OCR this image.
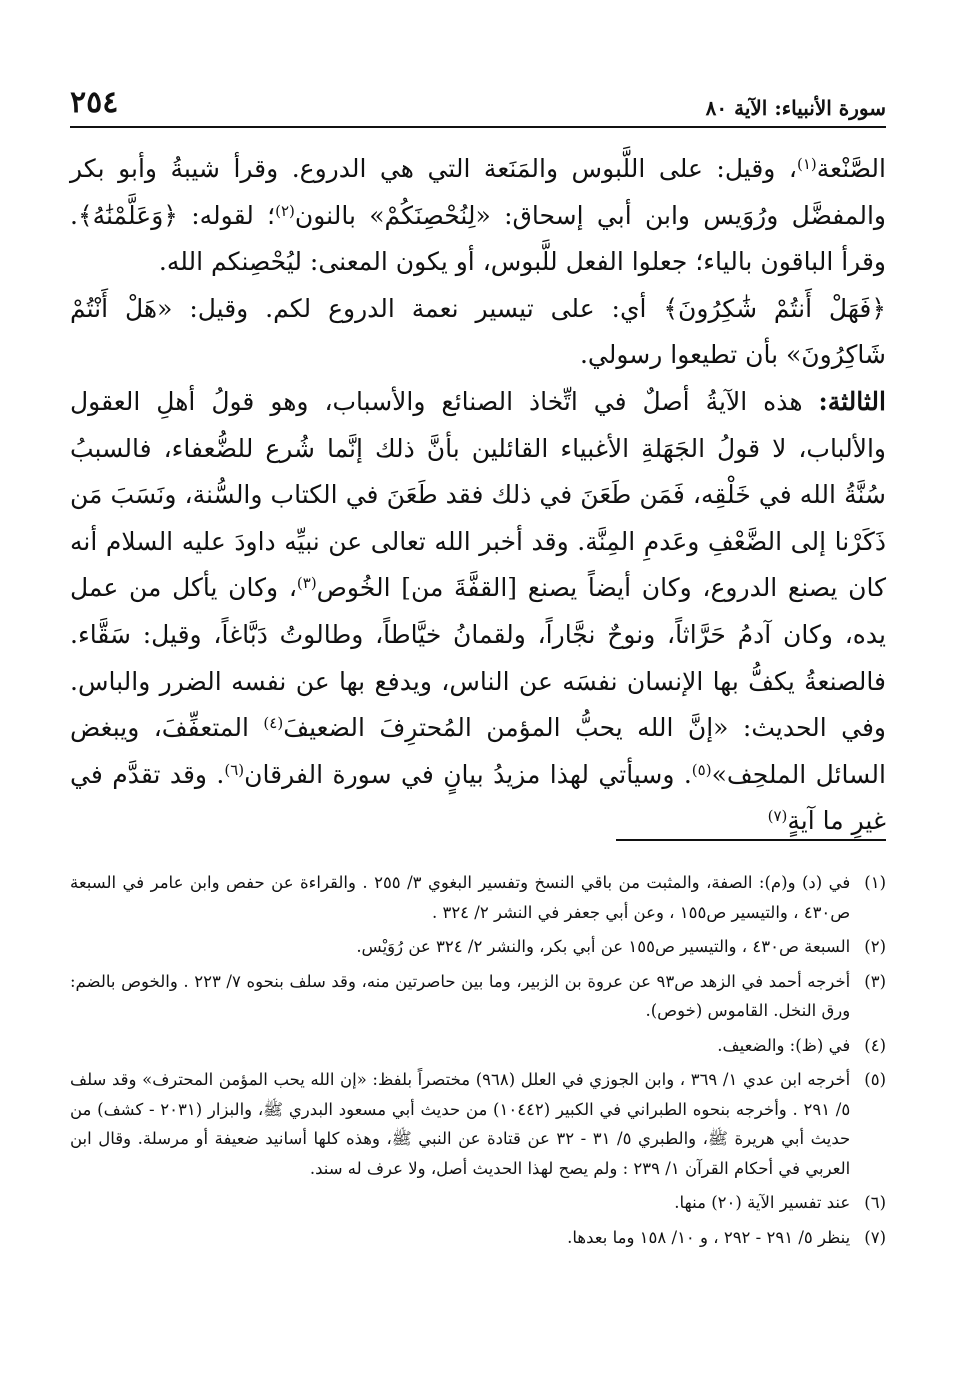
٢٥٤	سورة الأنبياء: الآية ٨٠

الصَّنْعة$^{(١)}$، وقيل: على اللَّبوس والمَنَعة التي هي الدروع. وقرأ شيبةُ وأبو بكر والمفضَّل ورُوَيس وابن أبي إسحاق: «لِنُحْصِنَكُمْ» بالنون$^{(٢)}$؛ لقوله: ﴿وَعَلَّمْنَٰهُ﴾. وقرأ الباقون بالياء؛ جعلوا الفعل للَّبوس، أو يكون المعنى: ليُحْصِنكم الله.

﴿فَهَلْ أَنتُمْ شَٰكِرُونَ﴾ أي: على تيسير نعمة الدروع لكم. وقيل: «هَلْ أَنْتُمْ شَاكِرُونَ» بأن تطيعوا رسولي.

الثالثة: هذه الآيةُ أصلٌ في اتِّخاذ الصنائع والأسباب، وهو قولُ أهلِ العقول والألباب، لا قولُ الجَهَلةِ الأغبياء القائلين بأنَّ ذلك إنَّما شُرع للضُّعفاء، فالسببُ سُنَّةُ الله في خَلْقِه، فَمَن طَعَنَ في ذلك فقد طَعَنَ في الكتاب والسُّنة، ونَسَبَ مَن ذَكَرْنا إلى الضَّعْفِ وعَدمِ المِنَّة. وقد أخبر الله تعالى عن نبيِّه داودَ عليه السلام أنه كان يصنع الدروع، وكان أيضاً يصنع [القفَّةَ من] الخُوص$^{(٣)}$، وكان يأكل من عمل يده، وكان آدمُ حَرَّاثاً، ونوحٌ نجَّاراً، ولقمانُ خيَّاطاً، وطالوتُ دَبَّاغاً، وقيل: سَقَّاء. فالصنعةُ يكفُّ بها الإنسان نفسَه عن الناس، ويدفع بها عن نفسه الضرر والباس. وفي الحديث: «إنَّ الله يحبُّ المؤمن المُحترِفَ الضعيفَ$^{(٤)}$ المتعفِّفَ، ويبغض السائل الملحِف»$^{(٥)}$. وسيأتي لهذا مزيدُ بيانٍ في سورة الفرقان$^{(٦)}$. وقد تقدَّم في غيرِ ما آيةٍ$^{(٧)}$

(١)
في (د) و(م): الصفة، والمثبت من باقي النسخ وتفسير البغوي ٣/ ٢٥٥ . والقراءة عن حفص وابن عامر في السبعة ص٤٣٠ ، والتيسير ص١٥٥ ، وعن أبي جعفر في النشر ٢/ ٣٢٤ .
(٢)
السبعة ص٤٣٠ ، والتيسير ص١٥٥ عن أبي بكر، والنشر ٢/ ٣٢٤ عن رُوَيْس.
(٣)
أخرجه أحمد في الزهد ص٩٣ عن عروة بن الزبير، وما بين حاصرتين منه، وقد سلف بنحوه ٧/ ٢٢٣ . والخوص بالضم: ورق النخل. القاموس (خوص).
(٤)
في (ظ): والضعيف.
(٥)
أخرجه ابن عدي ١/ ٣٦٩ ، وابن الجوزي في العلل (٩٦٨) مختصراً بلفظ: «إن الله يحب المؤمن المحترف» وقد سلف ٥/ ٢٩١ . وأخرجه بنحوه الطبراني في الكبير (١٠٤٤٢) من حديث أبي مسعود البدري ﷺ، والبزار (٢٠٣١ - كشف) من حديث أبي هريرة ﷺ، والطبري ٥/ ٣١ - ٣٢ عن قتادة عن النبي ﷺ، وهذه كلها أسانيد ضعيفة أو مرسلة. وقال ابن العربي في أحكام القرآن ١/ ٢٣٩ : ولم يصح لهذا الحديث أصل، ولا عرف له سند.
(٦)
عند تفسير الآية (٢٠) منها.
(٧)
ينظر ٥/ ٢٩١ - ٢٩٢ ، و ١٠/ ١٥٨ وما بعدها.
